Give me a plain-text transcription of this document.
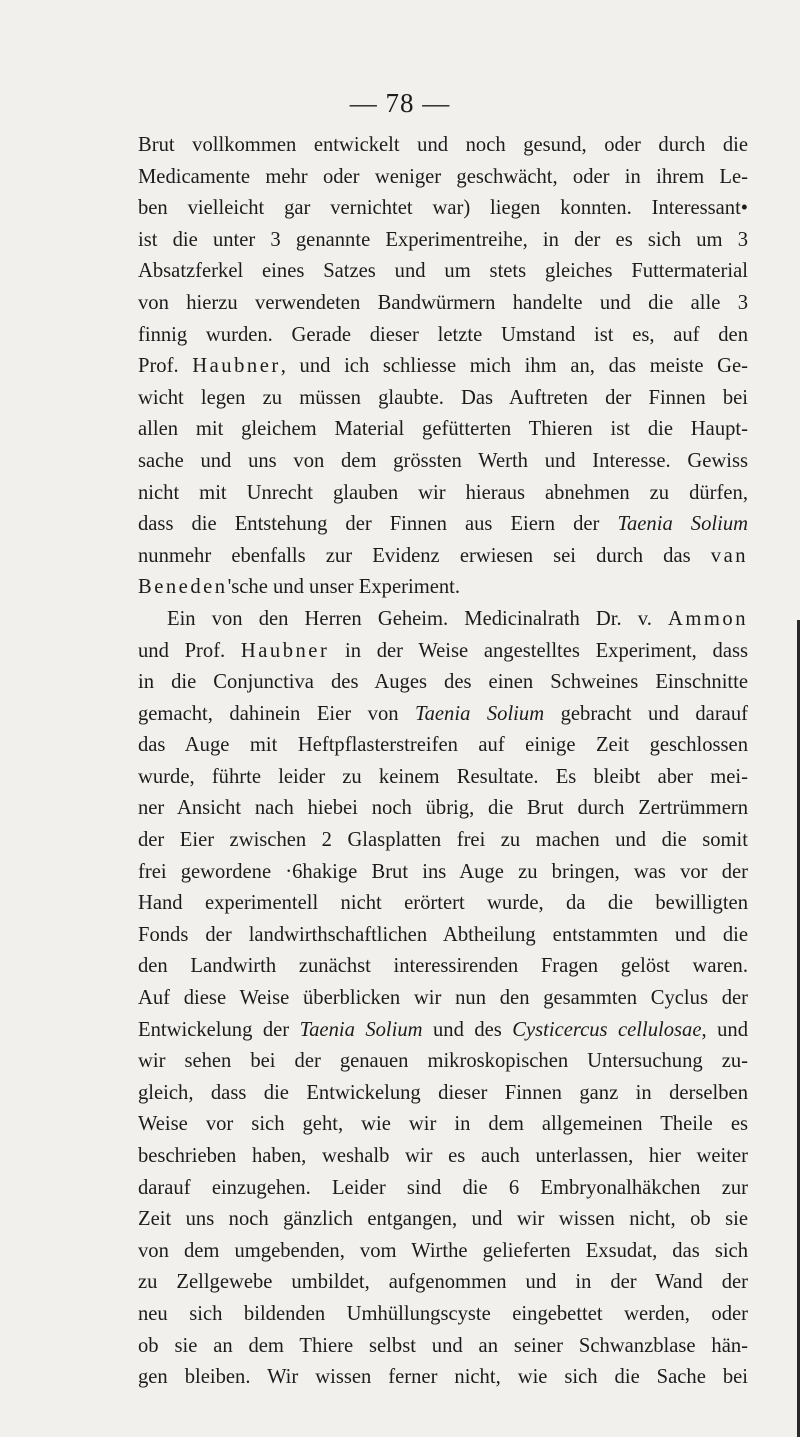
— 78 —
Brut vollkommen entwickelt und noch gesund, oder durch die
Medicamente mehr oder weniger geschwächt, oder in ihrem Le-
ben vielleicht gar vernichtet war) liegen konnten. Interessant•
ist die unter 3 genannte Experimentreihe, in der es sich um 3
Absatzferkel eines Satzes und um stets gleiches Futtermaterial
von hierzu verwendeten Bandwürmern handelte und die alle 3
finnig wurden. Gerade dieser letzte Umstand ist es, auf den
Prof. Haubner, und ich schliesse mich ihm an, das meiste Ge-
wicht legen zu müssen glaubte. Das Auftreten der Finnen bei
allen mit gleichem Material gefütterten Thieren ist die Haupt-
sache und uns von dem grössten Werth und Interesse. Gewiss
nicht mit Unrecht glauben wir hieraus abnehmen zu dürfen,
dass die Entstehung der Finnen aus Eiern der Taenia Solium
nunmehr ebenfalls zur Evidenz erwiesen sei durch das van
Beneden'sche und unser Experiment.
Ein von den Herren Geheim. Medicinalrath Dr. v. Ammon
und Prof. Haubner in der Weise angestelltes Experiment, dass
in die Conjunctiva des Auges des einen Schweines Einschnitte
gemacht, dahinein Eier von Taenia Solium gebracht und darauf
das Auge mit Heftpflasterstreifen auf einige Zeit geschlossen
wurde, führte leider zu keinem Resultate. Es bleibt aber mei-
ner Ansicht nach hiebei noch übrig, die Brut durch Zertrümmern
der Eier zwischen 2 Glasplatten frei zu machen und die somit
frei gewordene ·6hakige Brut ins Auge zu bringen, was vor der
Hand experimentell nicht erörtert wurde, da die bewilligten
Fonds der landwirthschaftlichen Abtheilung entstammten und die
den Landwirth zunächst interessirenden Fragen gelöst waren.
Auf diese Weise überblicken wir nun den gesammten Cyclus der
Entwickelung der Taenia Solium und des Cysticercus cellulosae, und
wir sehen bei der genauen mikroskopischen Untersuchung zu-
gleich, dass die Entwickelung dieser Finnen ganz in derselben
Weise vor sich geht, wie wir in dem allgemeinen Theile es
beschrieben haben, weshalb wir es auch unterlassen, hier weiter
darauf einzugehen. Leider sind die 6 Embryonalhäkchen zur
Zeit uns noch gänzlich entgangen, und wir wissen nicht, ob sie
von dem umgebenden, vom Wirthe gelieferten Exsudat, das sich
zu Zellgewebe umbildet, aufgenommen und in der Wand der
neu sich bildenden Umhüllungscyste eingebettet werden, oder
ob sie an dem Thiere selbst und an seiner Schwanzblase hän-
gen bleiben. Wir wissen ferner nicht, wie sich die Sache bei
